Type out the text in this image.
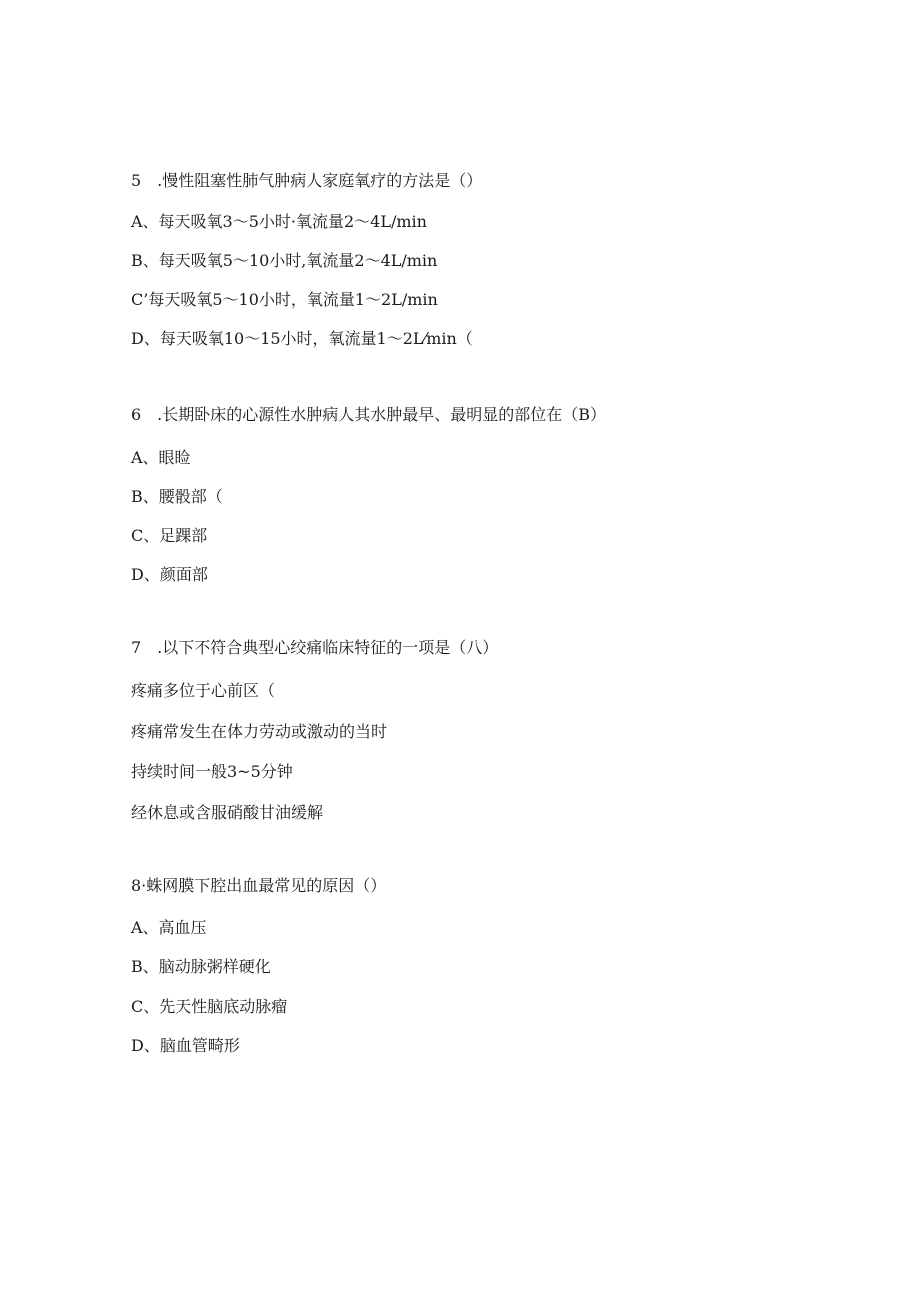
5　.慢性阻塞性肺气肿病人家庭氧疗的方法是（）
A、每天吸氧3～5小时·氧流量2～4L/min
B、每天吸氧5～10小时,氧流量2～4L/min
C’每天吸氧5～10小时，氧流量1～2L/min
D、每天吸氧10～15小时，氧流量1～2L⁄min（
6　.长期卧床的心源性水肿病人其水肿最早、最明显的部位在（B）
A、眼睑
B、腰骰部（
C、足踝部
D、颜面部
7　.以下不符合典型心绞痛临床特征的一项是（八）
疼痛多位于心前区（
疼痛常发生在体力劳动或激动的当时
持续时间一般3~5分钟
经休息或含服硝酸甘油缓解
8·蛛网膜下腔出血最常见的原因（）
A、高血压
B、脑动脉粥样硬化
C、先天性脑底动脉瘤
D、脑血管畸形
